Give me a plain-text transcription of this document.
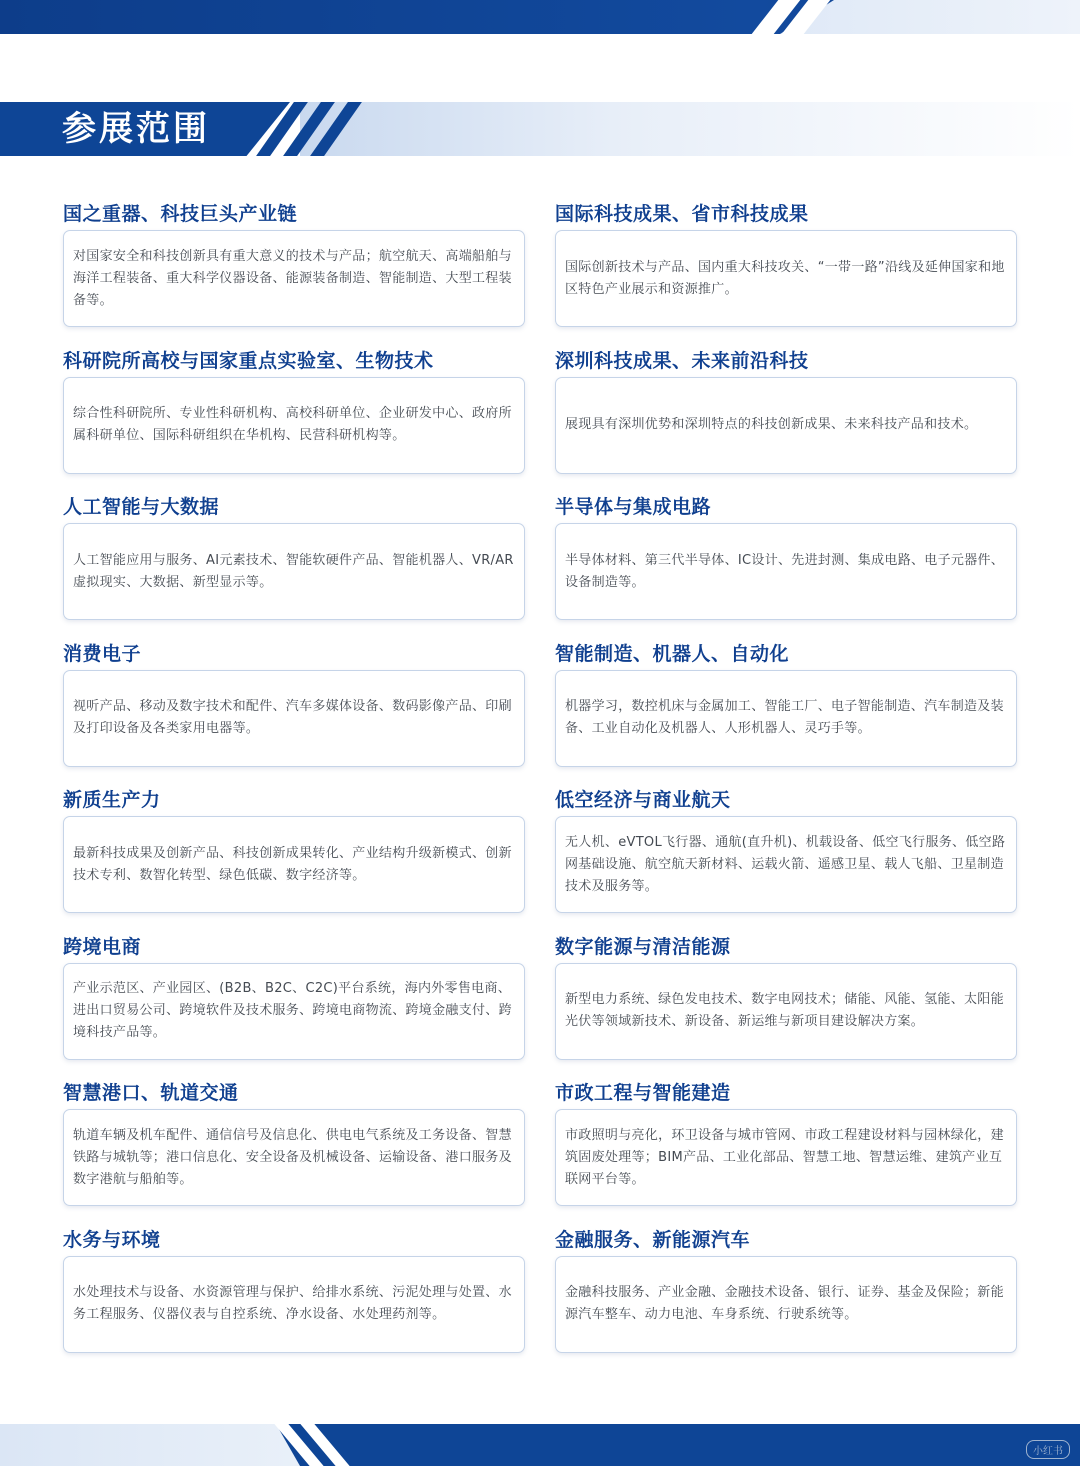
参展范围
国之重器、科技巨头产业链

对国家安全和科技创新具有重大意义的技术与产品；航空航天、高端船舶与海洋工程装备、重大科学仪器设备、能源装备制造、智能制造、大型工程装备等。

科研院所高校与国家重点实验室、生物技术

综合性科研院所、专业性科研机构、高校科研单位、企业研发中心、政府所属科研单位、国际科研组织在华机构、民营科研机构等。

人工智能与大数据

人工智能应用与服务、AI元素技术、智能软硬件产品、智能机器人、VR/AR虚拟现实、大数据、新型显示等。

消费电子

视听产品、移动及数字技术和配件、汽车多媒体设备、数码影像产品、印刷及打印设备及各类家用电器等。

新质生产力

最新科技成果及创新产品、科技创新成果转化、产业结构升级新模式、创新技术专利、数智化转型、绿色低碳、数字经济等。

跨境电商

产业示范区、产业园区、(B2B、B2C、C2C)平台系统，海内外零售电商、进出口贸易公司、跨境软件及技术服务、跨境电商物流、跨境金融支付、跨境科技产品等。

智慧港口、轨道交通

轨道车辆及机车配件、通信信号及信息化、供电电气系统及工务设备、智慧铁路与城轨等；港口信息化、安全设备及机械设备、运输设备、港口服务及数字港航与船舶等。

水务与环境

水处理技术与设备、水资源管理与保护、给排水系统、污泥处理与处置、水务工程服务、仪器仪表与自控系统、净水设备、水处理药剂等。

国际科技成果、省市科技成果

国际创新技术与产品、国内重大科技攻关、“一带一路”沿线及延伸国家和地区特色产业展示和资源推广。

深圳科技成果、未来前沿科技

展现具有深圳优势和深圳特点的科技创新成果、未来科技产品和技术。

半导体与集成电路

半导体材料、第三代半导体、IC设计、先进封测、集成电路、电子元器件、设备制造等。

智能制造、机器人、自动化

机器学习，数控机床与金属加工、智能工厂、电子智能制造、汽车制造及装备、工业自动化及机器人、人形机器人、灵巧手等。

低空经济与商业航天

无人机、eVTOL飞行器、通航(直升机)、机载设备、低空飞行服务、低空路网基础设施、航空航天新材料、运载火箭、遥感卫星、载人飞船、卫星制造技术及服务等。

数字能源与清洁能源

新型电力系统、绿色发电技术、数字电网技术；储能、风能、氢能、太阳能光伏等领域新技术、新设备、新运维与新项目建设解决方案。

市政工程与智能建造

市政照明与亮化，环卫设备与城市管网、市政工程建设材料与园林绿化，建筑固废处理等；BIM产品、工业化部品、智慧工地、智慧运维、建筑产业互联网平台等。

金融服务、新能源汽车

金融科技服务、产业金融、金融技术设备、银行、证券、基金及保险；新能源汽车整车、动力电池、车身系统、行驶系统等。

小红书
